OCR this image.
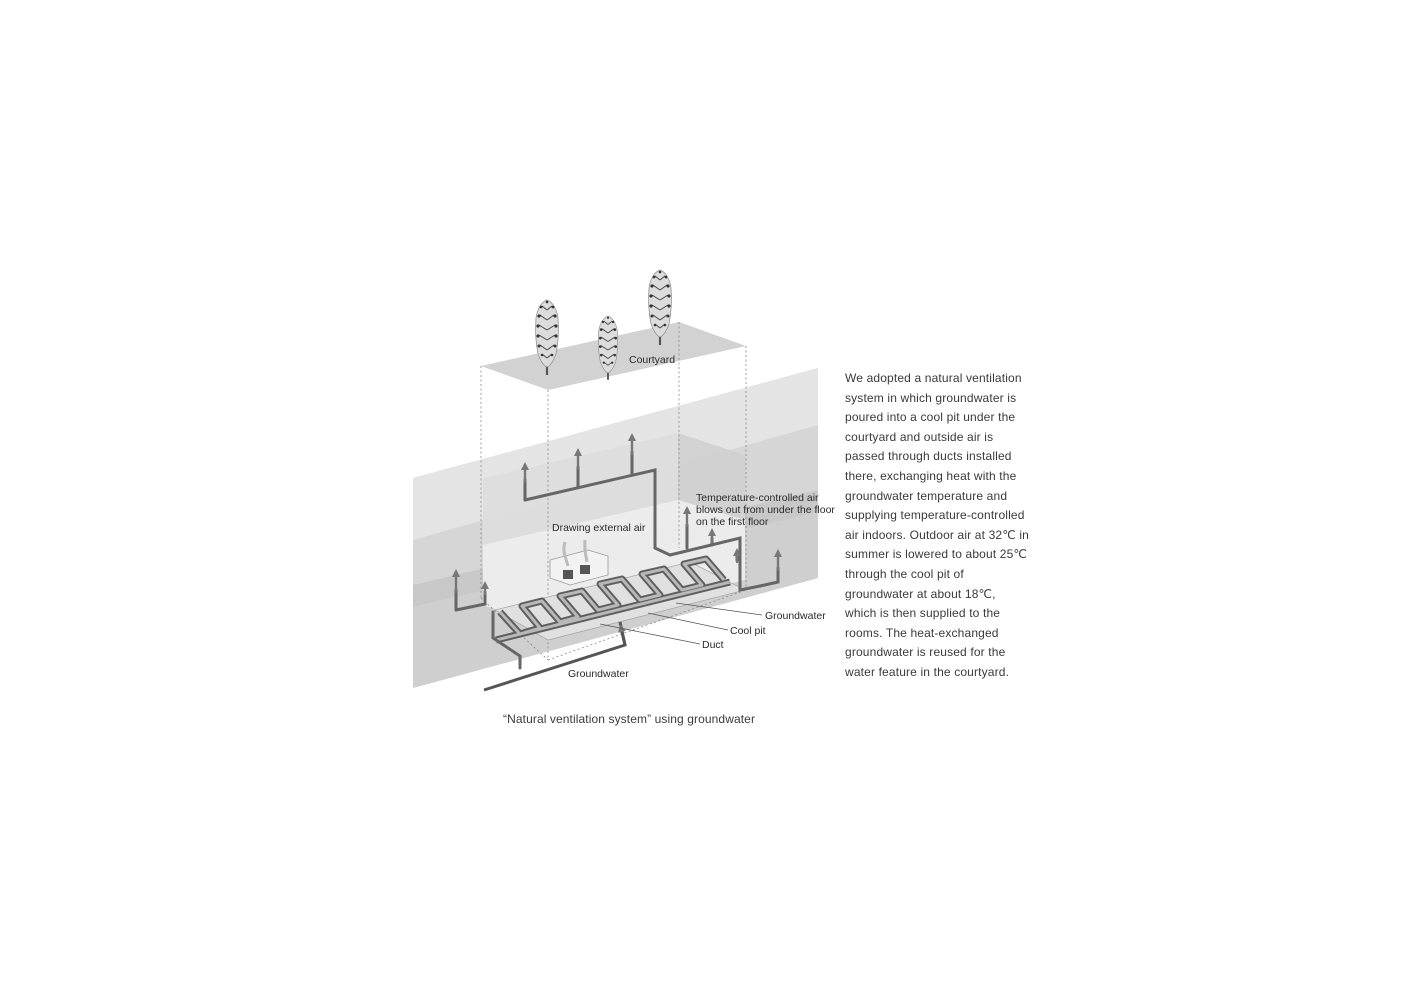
Courtyard
Temperature-controlled air
blows out from under the floor
on the first floor
Drawing external air
Groundwater
Cool pit
Duct
Groundwater

“Natural ventilation system” using groundwater

We adopted a natural ventilation
system in which groundwater is
poured into a cool pit under the
courtyard and outside air is
passed through ducts installed
there, exchanging heat with the
groundwater temperature and
supplying temperature-controlled
air indoors. Outdoor air at 32℃ in
summer is lowered to about 25℃
through the cool pit of
groundwater at about 18℃,
which is then supplied to the
rooms. The heat-exchanged
groundwater is reused for the
water feature in the courtyard.
